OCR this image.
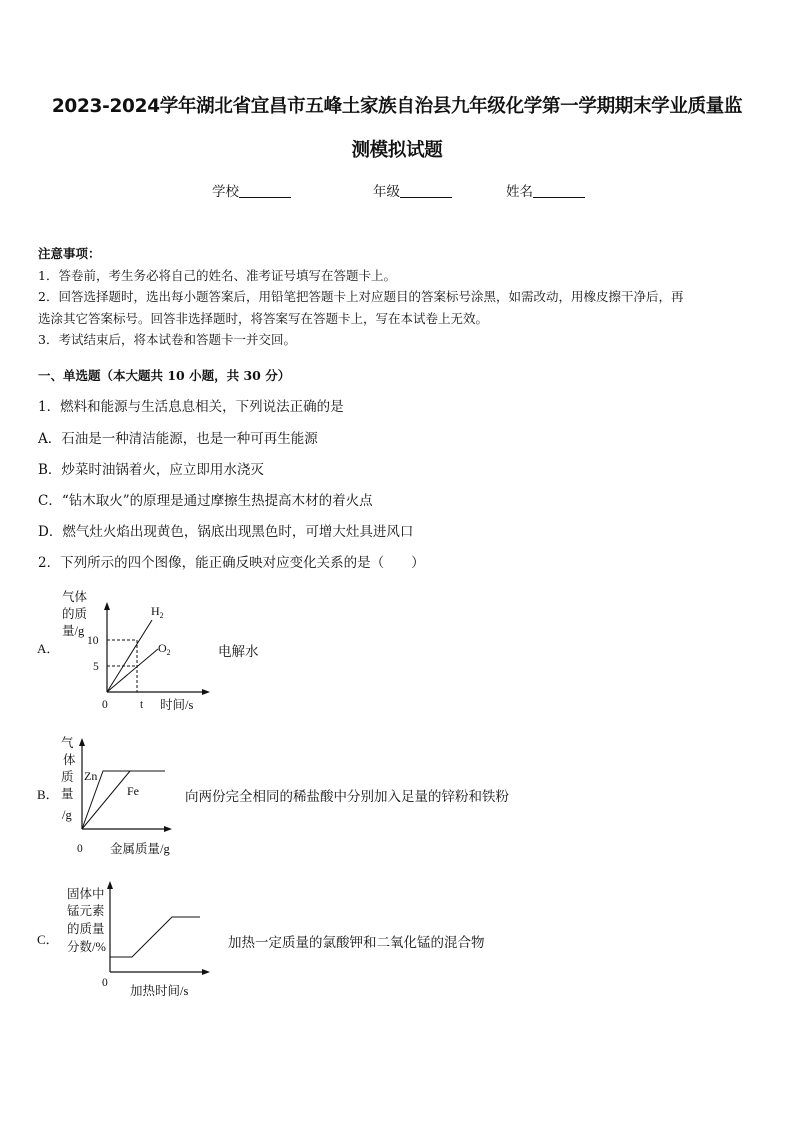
2023-2024学年湖北省宜昌市五峰土家族自治县九年级化学第一学期期末学业质量监
测模拟试题
学校	年级	姓名

注意事项：

1．答卷前，考生务必将自己的姓名、准考证号填写在答题卡上。

2．回答选择题时，选出每小题答案后，用铅笔把答题卡上对应题目的答案标号涂黑，如需改动，用橡皮擦干净后，再

选涂其它答案标号。回答非选择题时，将答案写在答题卡上，写在本试卷上无效。

3．考试结束后，将本试卷和答题卡一并交回。

一、单选题（本大题共 10 小题，共 30 分）
1．燃料和能源与生活息息相关，下列说法正确的是
A．石油是一种清洁能源，也是一种可再生能源
B．炒菜时油锅着火，应立即用水浇灭
C．“钻木取火”的原理是通过摩擦生热提高木材的着火点
D．燃气灶火焰出现黄色，锅底出现黑色时，可增大灶具进风口
2．下列所示的四个图像，能正确反映对应变化关系的是（　　）
A．
气体
的质
量/g
10
5
0	t 时间/s
$H_2$
$O_2$	电解水
B．
气
体
质
量
/g
Zn
Fe
0 金属质量/g
向两份完全相同的稀盐酸中分别加入足量的锌粉和铁粉
C．
固体中
锰元素
的质量
分数/%
0
加热时间/s
加热一定质量的氯酸钾和二氧化锰的混合物
